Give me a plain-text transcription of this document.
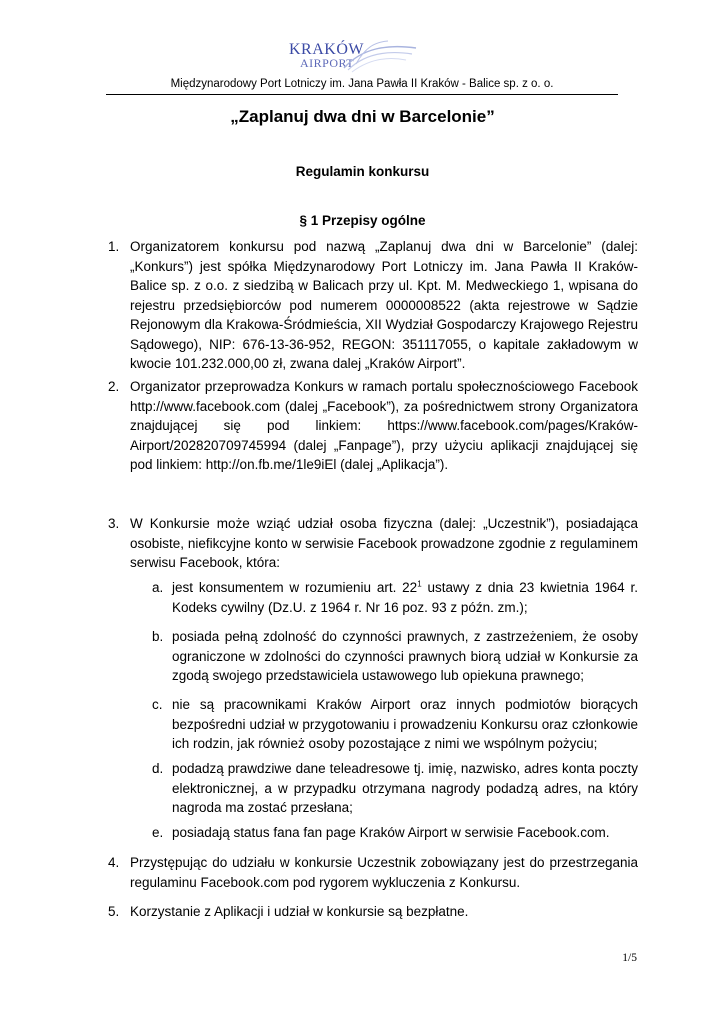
KRAKÓW
AIRPORT
Międzynarodowy Port Lotniczy im. Jana Pawła II Kraków - Balice sp. z o. o.
„Zaplanuj dwa dni w Barcelonie”
Regulamin konkursu
§ 1 Przepisy ogólne
1. Organizatorem konkursu pod nazwą „Zaplanuj dwa dni w Barcelonie” (dalej: „Konkurs”) jest spółka Międzynarodowy Port Lotniczy im. Jana Pawła II Kraków-Balice sp. z o.o. z siedzibą w Balicach przy ul. Kpt. M. Medweckiego 1, wpisana do rejestru przedsiębiorców pod numerem 0000008522 (akta rejestrowe w Sądzie Rejonowym dla Krakowa-Śródmieścia, XII Wydział Gospodarczy Krajowego Rejestru Sądowego), NIP: 676-13-36-952, REGON: 351117055, o kapitale zakładowym w kwocie 101.232.000,00 zł, zwana dalej „Kraków Airport”.
2. Organizator przeprowadza Konkurs w ramach portalu społecznościowego Facebook http://www.facebook.com (dalej „Facebook”), za pośrednictwem strony Organizatora znajdującej się pod linkiem: https://www.facebook.com/pages/Kraków-Airport/202820709745994 (dalej „Fanpage”), przy użyciu aplikacji znajdującej się pod linkiem: http://on.fb.me/1le9iEl (dalej „Aplikacja”).
3. W Konkursie może wziąć udział osoba fizyczna (dalej: „Uczestnik”), posiadająca osobiste, niefikcyjne konto w serwisie Facebook prowadzone zgodnie z regulaminem serwisu Facebook, która:
a. jest konsumentem w rozumieniu art. $22^1$ ustawy z dnia 23 kwietnia 1964 r. Kodeks cywilny (Dz.U. z 1964 r. Nr 16 poz. 93 z późn. zm.);
b. posiada pełną zdolność do czynności prawnych, z zastrzeżeniem, że osoby ograniczone w zdolności do czynności prawnych biorą udział w Konkursie za zgodą swojego przedstawiciela ustawowego lub opiekuna prawnego;
c. nie są pracownikami Kraków Airport oraz innych podmiotów biorących bezpośredni udział w przygotowaniu i prowadzeniu Konkursu oraz członkowie ich rodzin, jak również osoby pozostające z nimi we wspólnym pożyciu;
d. podadzą prawdziwe dane teleadresowe tj. imię, nazwisko, adres konta poczty elektronicznej, a w przypadku otrzymana nagrody podadzą adres, na który nagroda ma zostać przesłana;
e. posiadają status fana fan page Kraków Airport w serwisie Facebook.com.
4. Przystępując do udziału w konkursie Uczestnik zobowiązany jest do przestrzegania regulaminu Facebook.com pod rygorem wykluczenia z Konkursu.
5. Korzystanie z Aplikacji i udział w konkursie są bezpłatne.
1/5
